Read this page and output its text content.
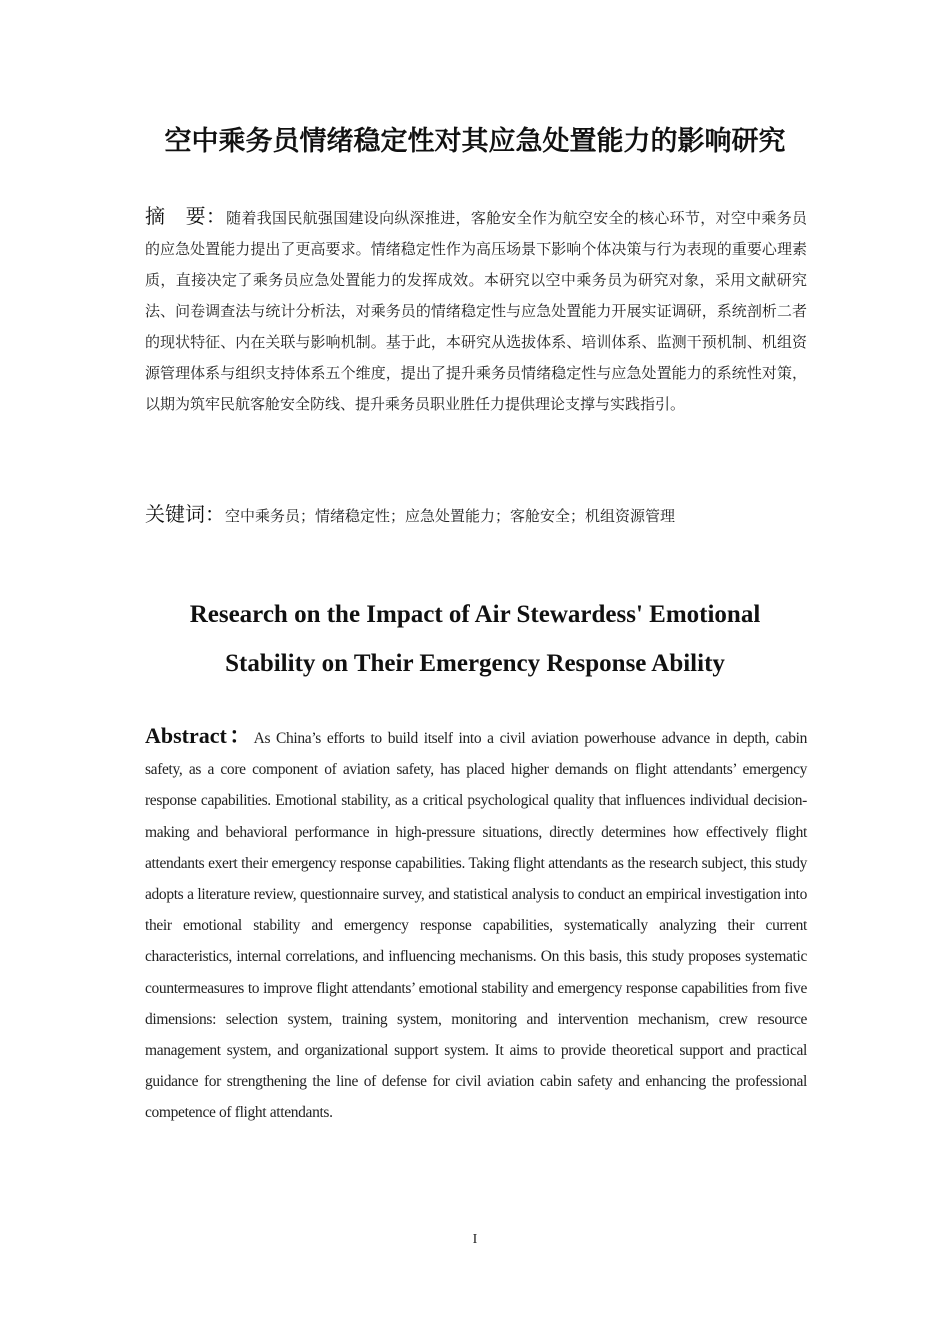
空中乘务员情绪稳定性对其应急处置能力的影响研究
摘　要：随着我国民航强国建设向纵深推进，客舱安全作为航空安全的核心环节，对空中乘务员的应急处置能力提出了更高要求。情绪稳定性作为高压场景下影响个体决策与行为表现的重要心理素质，直接决定了乘务员应急处置能力的发挥成效。本研究以空中乘务员为研究对象，采用文献研究法、问卷调查法与统计分析法，对乘务员的情绪稳定性与应急处置能力开展实证调研，系统剖析二者的现状特征、内在关联与影响机制。基于此，本研究从选拔体系、培训体系、监测干预机制、机组资源管理体系与组织支持体系五个维度，提出了提升乘务员情绪稳定性与应急处置能力的系统性对策，以期为筑牢民航客舱安全防线、提升乘务员职业胜任力提供理论支撑与实践指引。
关键词：空中乘务员；情绪稳定性；应急处置能力；客舱安全；机组资源管理
Research on the Impact of Air Stewardess' Emotional
Stability on Their Emergency Response Ability
Abstract：As China’s efforts to build itself into a civil aviation powerhouse advance in depth, cabin safety, as a core component of aviation safety, has placed higher demands on flight attendants’ emergency response capabilities. Emotional stability, as a critical psychological quality that influences individual decision-making and behavioral performance in high-pressure situations, directly determines how effectively flight attendants exert their emergency response capabilities. Taking flight attendants as the research subject, this study adopts a literature review, questionnaire survey, and statistical analysis to conduct an empirical investigation into their emotional stability and emergency response capabilities, systematically analyzing their current characteristics, internal correlations, and influencing mechanisms. On this basis, this study proposes systematic countermeasures to improve flight attendants’ emotional stability and emergency response capabilities from five dimensions: selection system, training system, monitoring and intervention mechanism, crew resource management system, and organizational support system. It aims to provide theoretical support and practical guidance for strengthening the line of defense for civil aviation cabin safety and enhancing the professional competence of flight attendants.
I
